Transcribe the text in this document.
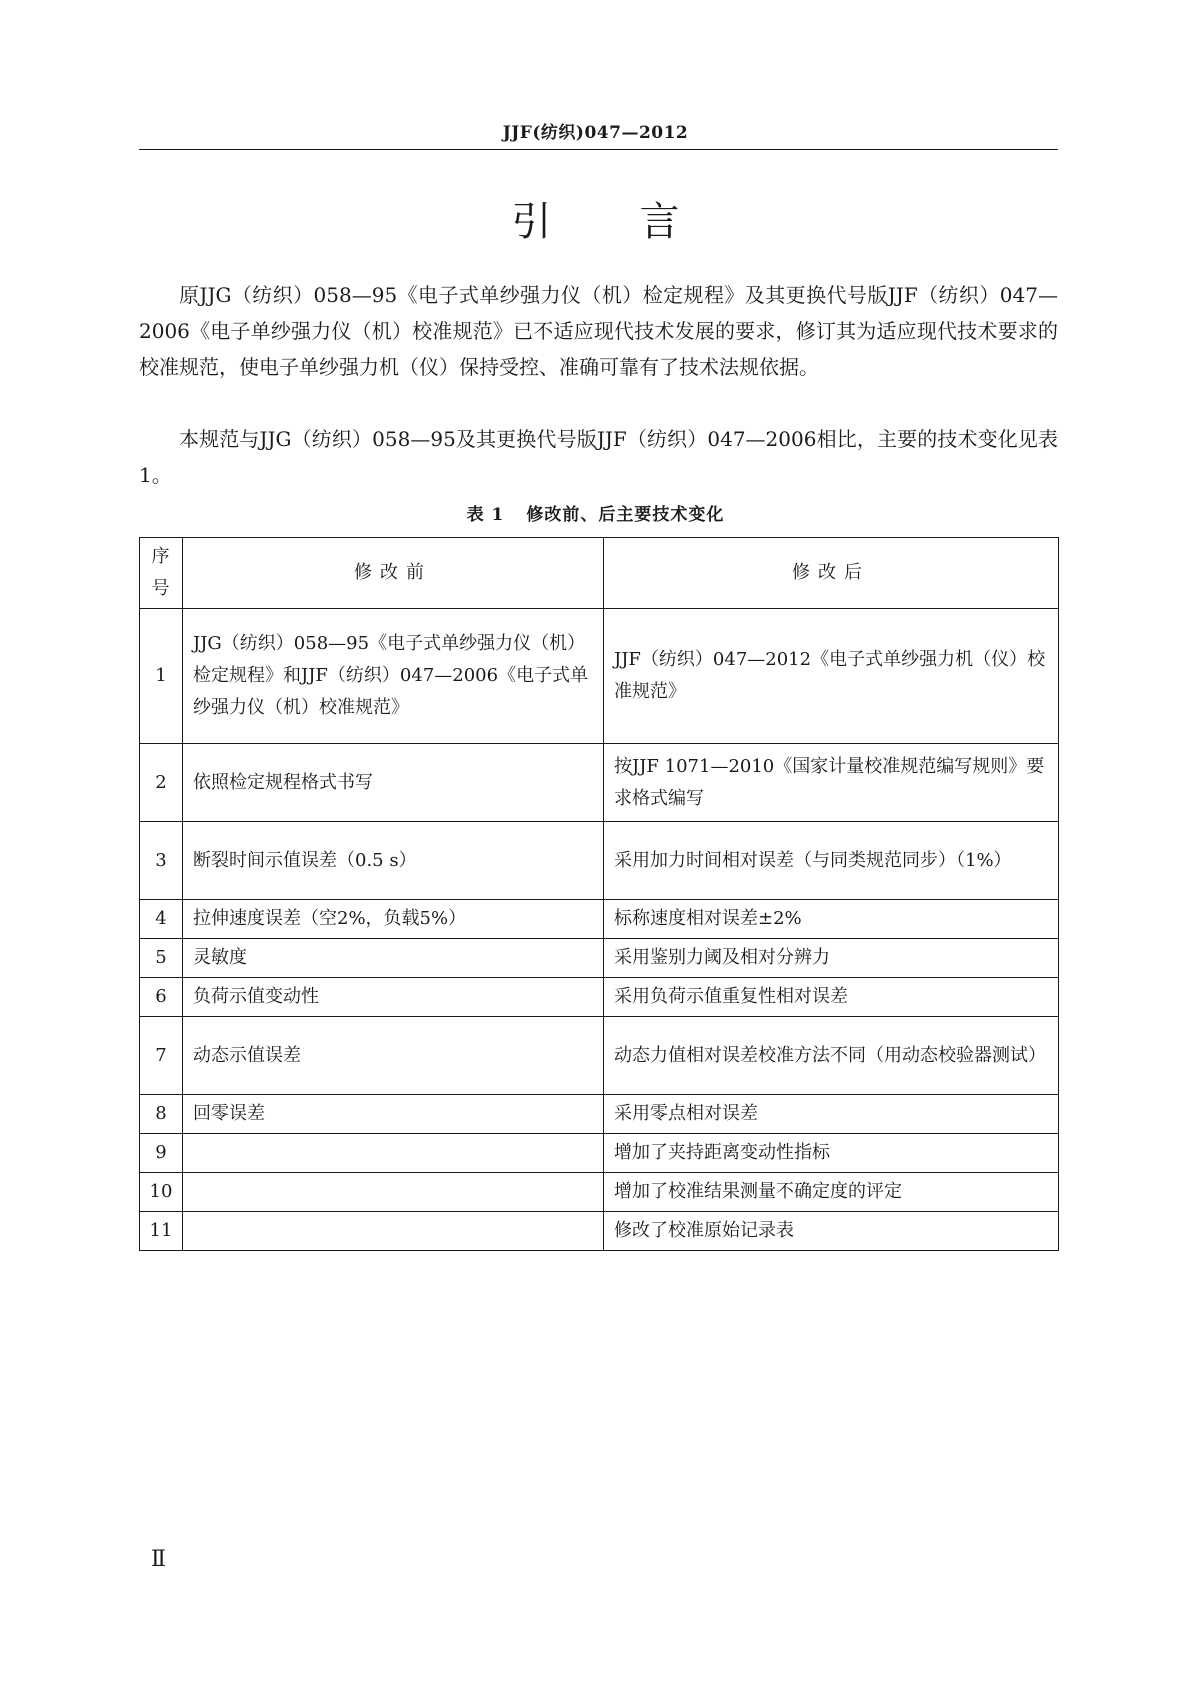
JJF(纺织)047—2012
引言

原JJG（纺织）058—95《电子式单纱强力仪（机）检定规程》及其更换代号版JJF（纺织）047—2006《电子单纱强力仪（机）校准规范》已不适应现代技术发展的要求，修订其为适应现代技术要求的校准规范，使电子单纱强力机（仪）保持受控、准确可靠有了技术法规依据。

本规范与JJG（纺织）058—95及其更换代号版JJF（纺织）047—2006相比，主要的技术变化见表1。

表 1 修改前、后主要技术变化
序号	修改前	修改后
1	JJG（纺织）058—95《电子式单纱强力仪（机）检定规程》和JJF（纺织）047—2006《电子式单纱强力仪（机）校准规范》	JJF（纺织）047—2012《电子式单纱强力机（仪）校准规范》
2	依照检定规程格式书写	按JJF 1071—2010《国家计量校准规范编写规则》要求格式编写
3	断裂时间示值误差（0.5 s）	采用加力时间相对误差（与同类规范同步）（1%）
4	拉伸速度误差（空2%，负载5%）	标称速度相对误差±2%
5	灵敏度	采用鉴别力阈及相对分辨力
6	负荷示值变动性	采用负荷示值重复性相对误差
7	动态示值误差	动态力值相对误差校准方法不同（用动态校验器测试）
8	回零误差	采用零点相对误差
9		增加了夹持距离变动性指标
10		增加了校准结果测量不确定度的评定
11		修改了校准原始记录表
Ⅱ
